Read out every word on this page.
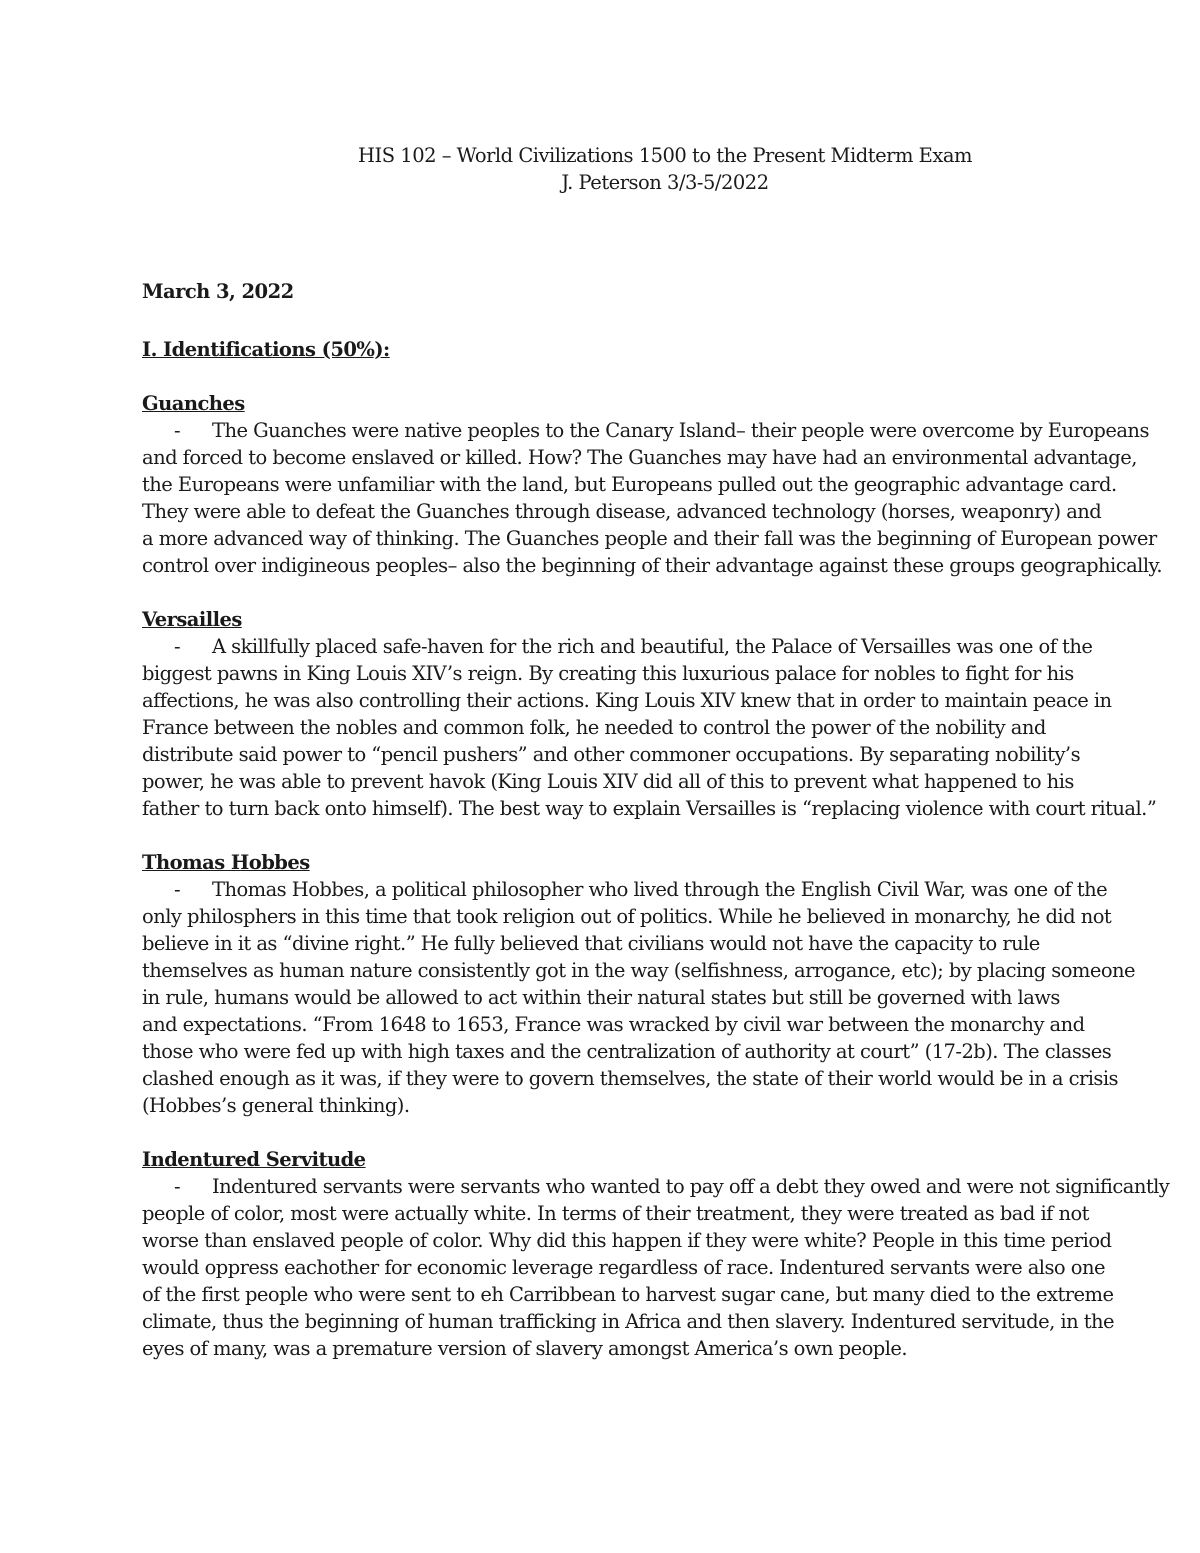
HIS 102 – World Civilizations 1500 to the Present Midterm Exam
J. Peterson 3/3-5/2022
March 3, 2022
I. Identifications (50%):
Guanches
- The Guanches were native peoples to the Canary Island– their people were overcome by Europeans
and forced to become enslaved or killed. How? The Guanches may have had an environmental advantage,
the Europeans were unfamiliar with the land, but Europeans pulled out the geographic advantage card.
They were able to defeat the Guanches through disease, advanced technology (horses, weaponry) and
a more advanced way of thinking. The Guanches people and their fall was the beginning of European power
control over indigineous peoples– also the beginning of their advantage against these groups geographically.
Versailles
- A skillfully placed safe-haven for the rich and beautiful, the Palace of Versailles was one of the
biggest pawns in King Louis XIV’s reign. By creating this luxurious palace for nobles to fight for his
affections, he was also controlling their actions. King Louis XIV knew that in order to maintain peace in
France between the nobles and common folk, he needed to control the power of the nobility and
distribute said power to “pencil pushers” and other commoner occupations. By separating nobility’s
power, he was able to prevent havok (King Louis XIV did all of this to prevent what happened to his
father to turn back onto himself). The best way to explain Versailles is “replacing violence with court ritual.”
Thomas Hobbes
- Thomas Hobbes, a political philosopher who lived through the English Civil War, was one of the
only philosphers in this time that took religion out of politics. While he believed in monarchy, he did not
believe in it as “divine right.” He fully believed that civilians would not have the capacity to rule
themselves as human nature consistently got in the way (selfishness, arrogance, etc); by placing someone
in rule, humans would be allowed to act within their natural states but still be governed with laws
and expectations. “From 1648 to 1653, France was wracked by civil war between the monarchy and
those who were fed up with high taxes and the centralization of authority at court” (17-2b). The classes
clashed enough as it was, if they were to govern themselves, the state of their world would be in a crisis
(Hobbes’s general thinking).
Indentured Servitude
- Indentured servants were servants who wanted to pay off a debt they owed and were not significantly
people of color, most were actually white. In terms of their treatment, they were treated as bad if not
worse than enslaved people of color. Why did this happen if they were white? People in this time period
would oppress eachother for economic leverage regardless of race. Indentured servants were also one
of the first people who were sent to eh Carribbean to harvest sugar cane, but many died to the extreme
climate, thus the beginning of human trafficking in Africa and then slavery. Indentured servitude, in the
eyes of many, was a premature version of slavery amongst America’s own people.
